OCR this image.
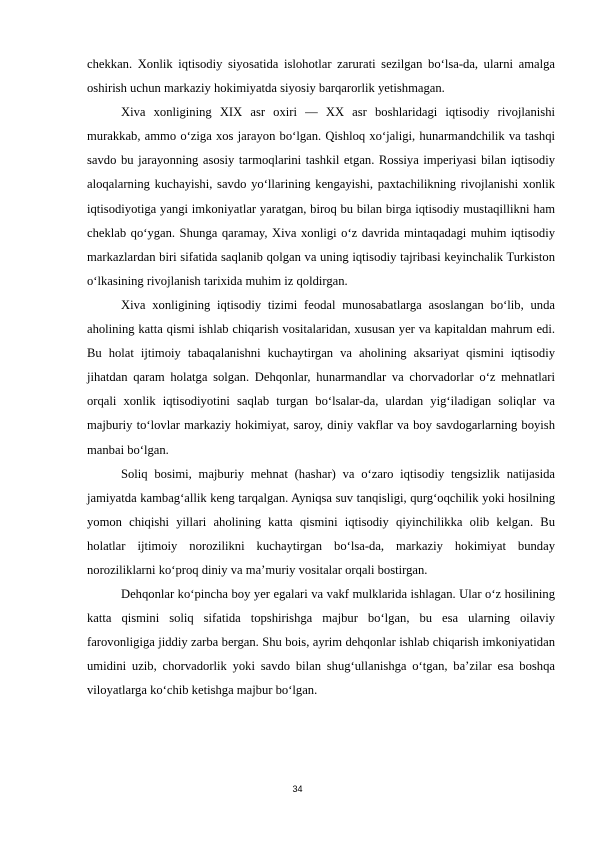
chekkan. Xonlik iqtisodiy siyosatida islohotlar zarurati sezilgan bo‘lsa-da, ularni amalga oshirish uchun markaziy hokimiyatda siyosiy barqarorlik yetishmagan.

Xiva xonligining XIX asr oxiri — XX asr boshlaridagi iqtisodiy rivojlanishi murakkab, ammo o‘ziga xos jarayon bo‘lgan. Qishloq xo‘jaligi, hunarmandchilik va tashqi savdo bu jarayonning asosiy tarmoqlarini tashkil etgan. Rossiya imperiyasi bilan iqtisodiy aloqalarning kuchayishi, savdo yo‘llarining kengayishi, paxtachilikning rivojlanishi xonlik iqtisodiyotiga yangi imkoniyatlar yaratgan, biroq bu bilan birga iqtisodiy mustaqillikni ham cheklab qo‘ygan. Shunga qaramay, Xiva xonligi o‘z davrida mintaqadagi muhim iqtisodiy markazlardan biri sifatida saqlanib qolgan va uning iqtisodiy tajribasi keyinchalik Turkiston o‘lkasining rivojlanish tarixida muhim iz qoldirgan.

Xiva xonligining iqtisodiy tizimi feodal munosabatlarga asoslangan bo‘lib, unda aholining katta qismi ishlab chiqarish vositalaridan, xususan yer va kapitaldan mahrum edi. Bu holat ijtimoiy tabaqalanishni kuchaytirgan va aholining aksariyat qismini iqtisodiy jihatdan qaram holatga solgan. Dehqonlar, hunarmandlar va chorvadorlar o‘z mehnatlari orqali xonlik iqtisodiyotini saqlab turgan bo‘lsalar-da, ulardan yig‘iladigan soliqlar va majburiy to‘lovlar markaziy hokimiyat, saroy, diniy vakflar va boy savdogarlarning boyish manbai bo‘lgan.

Soliq bosimi, majburiy mehnat (hashar) va o‘zaro iqtisodiy tengsizlik natijasida jamiyatda kambag‘allik keng tarqalgan. Ayniqsa suv tanqisligi, qurg‘oqchilik yoki hosilning yomon chiqishi yillari aholining katta qismini iqtisodiy qiyinchilikka olib kelgan. Bu holatlar ijtimoiy norozilikni kuchaytirgan bo‘lsa-da, markaziy hokimiyat bunday noroziliklarni ko‘proq diniy va ma’muriy vositalar orqali bostirgan.

Dehqonlar ko‘pincha boy yer egalari va vakf mulklarida ishlagan. Ular o‘z hosilining katta qismini soliq sifatida topshirishga majbur bo‘lgan, bu esa ularning oilaviy farovonligiga jiddiy zarba bergan. Shu bois, ayrim dehqonlar ishlab chiqarish imkoniyatidan umidini uzib, chorvadorlik yoki savdo bilan shug‘ullanishga o‘tgan, ba’zilar esa boshqa viloyatlarga ko‘chib ketishga majbur bo‘lgan.

34
